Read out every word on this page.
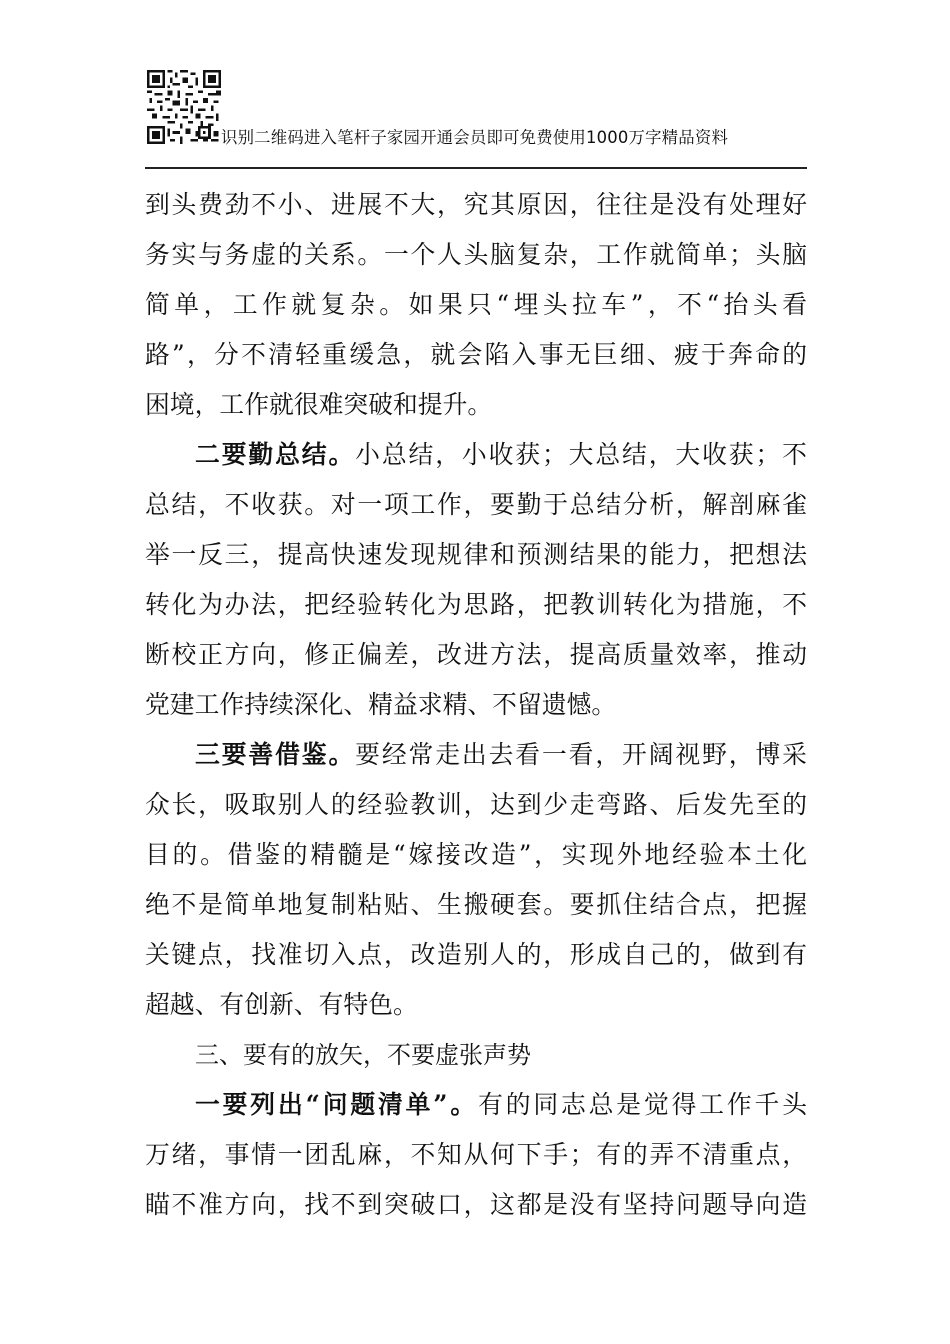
识别二维码进入笔杆子家园开通会员即可免费使用1000万字精品资料
到头费劲不小、进展不大，究其原因，往往是没有处理好
务实与务虚的关系。一个人头脑复杂，工作就简单；头脑
简单，工作就复杂。如果只“埋头拉车”，不“抬头看
路”，分不清轻重缓急，就会陷入事无巨细、疲于奔命的
困境，工作就很难突破和提升。
二要勤总结。小总结，小收获；大总结，大收获；不
总结，不收获。对一项工作，要勤于总结分析，解剖麻雀
举一反三，提高快速发现规律和预测结果的能力，把想法
转化为办法，把经验转化为思路，把教训转化为措施，不
断校正方向，修正偏差，改进方法，提高质量效率，推动
党建工作持续深化、精益求精、不留遗憾。
三要善借鉴。要经常走出去看一看，开阔视野，博采
众长，吸取别人的经验教训，达到少走弯路、后发先至的
目的。借鉴的精髓是“嫁接改造”，实现外地经验本土化
绝不是简单地复制粘贴、生搬硬套。要抓住结合点，把握
关键点，找准切入点，改造别人的，形成自己的，做到有
超越、有创新、有特色。
三、要有的放矢，不要虚张声势
一要列出“问题清单”。有的同志总是觉得工作千头
万绪，事情一团乱麻，不知从何下手；有的弄不清重点，
瞄不准方向，找不到突破口，这都是没有坚持问题导向造
